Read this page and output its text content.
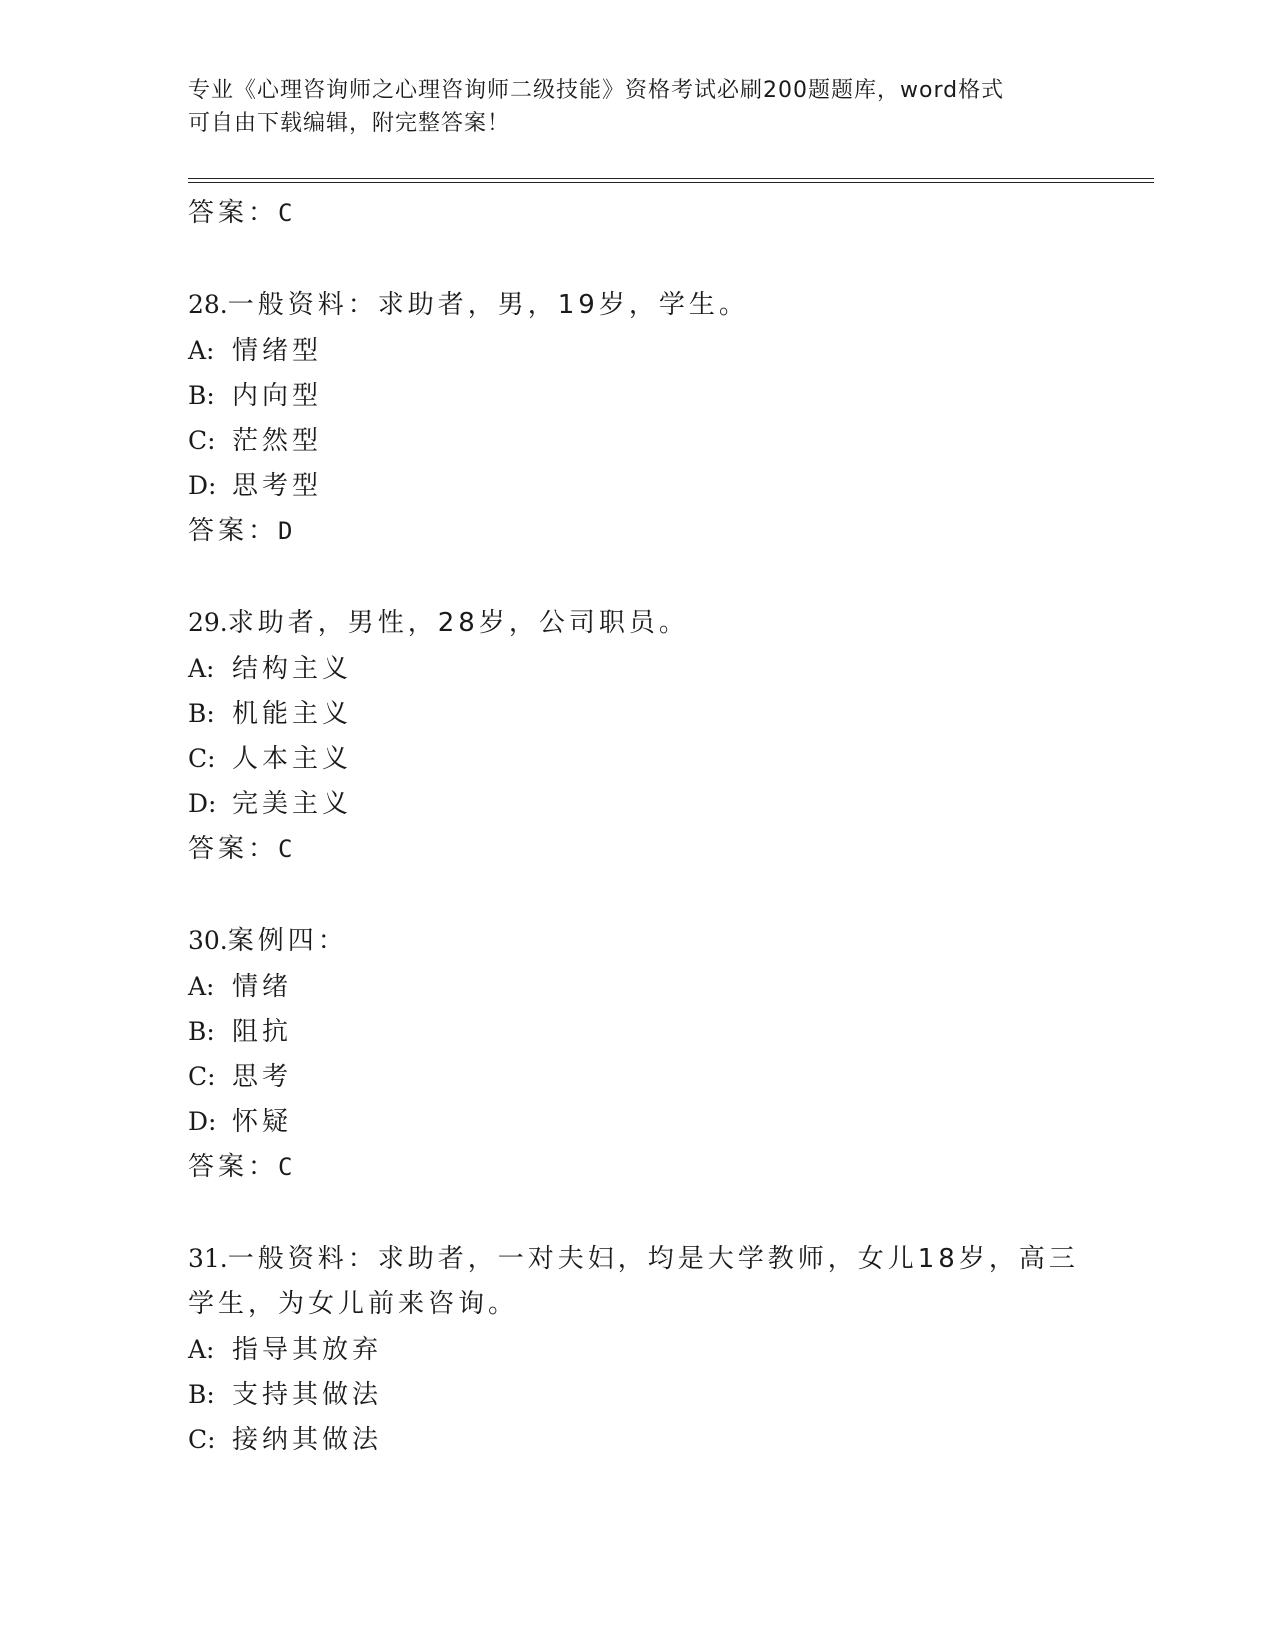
专业《心理咨询师之心理咨询师二级技能》资格考试必刷200题题库，word格式
可自由下载编辑，附完整答案！
答案：C
28.一般资料：求助者，男，19岁，学生。
A: 情绪型
B: 内向型
C: 茫然型
D: 思考型
答案：D
29.求助者，男性，28岁，公司职员。
A: 结构主义
B: 机能主义
C: 人本主义
D: 完美主义
答案：C
30.案例四：
A: 情绪
B: 阻抗
C: 思考
D: 怀疑
答案：C
31.一般资料：求助者，一对夫妇，均是大学教师，女儿18岁，高三
学生，为女儿前来咨询。
A: 指导其放弃
B: 支持其做法
C: 接纳其做法
